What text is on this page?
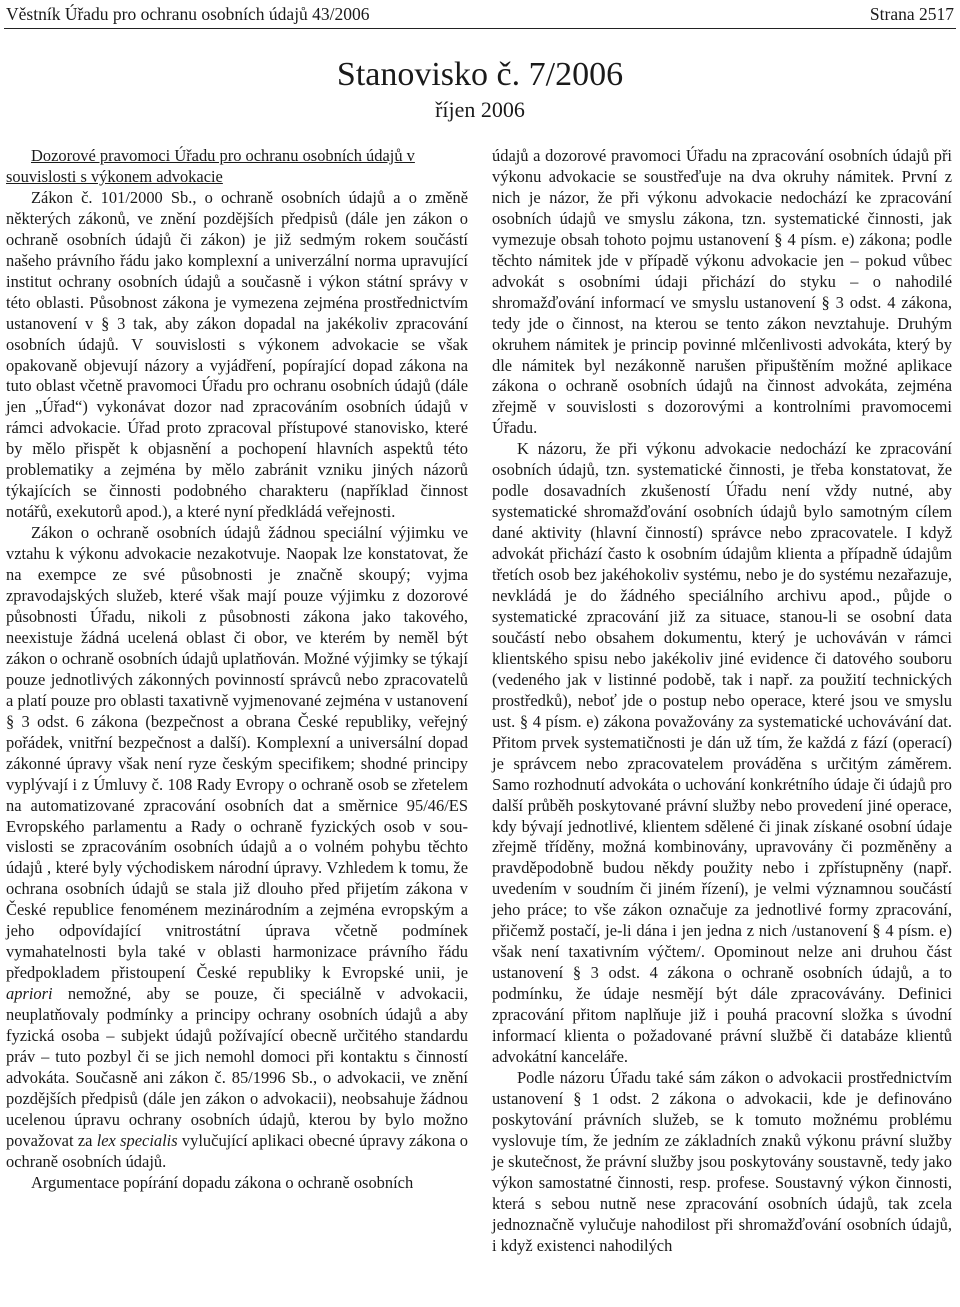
Věstník Úřadu pro ochranu osobních údajů 43/2006	Strana 2517
Stanovisko č. 7/2006
říjen 2006

Dozorové pravomoci Úřadu pro ochranu osobních údajů v souvislosti s výkonem advokacie

Zákon č. 101/2000 Sb., o ochraně osobních údajů a o změně některých zákonů, ve znění pozdějších předpisů (dále jen zákon o ochraně osobních údajů či zákon) je již sedmým rokem součástí našeho právního řádu jako komplexní a univerzální norma upravující institut ochrany osobních údajů a současně i výkon státní správy v této oblasti. Působnost zákona je vymezena zejména prostřednictvím ustanovení v § 3 tak, aby zákon dopadal na jakékoliv zpracování osobních údajů. V souvislosti s výkonem advokacie se však opakovaně objevují názory a vyjádření, popírající dopad zákona na tuto oblast včetně pravomoci Úřadu pro ochranu osobních údajů (dále jen „Úřad“) vykonávat dozor nad zpracováním osobních údajů v rámci advokacie. Úřad proto zpracoval přístupové stanovisko, které by mělo přispět k objasnění a pochopení hlavních aspektů této problematiky a zejména by mělo zabránit vzniku jiných názorů týkajících se činnosti podobného charakteru (například činnost notářů, exekutorů apod.), a které nyní předkládá veřejnosti.

Zákon o ochraně osobních údajů žádnou speciální výjimku ve vztahu k výkonu advokacie nezakotvuje. Naopak lze konstatovat, že na exempce ze své působnosti je značně skoupý; vyjma zpravodajských služeb, které však mají pouze výjimku z dozorové působnosti Úřadu, nikoli z působnosti zákona jako takového, neexistuje žádná ucelená oblast či obor, ve kterém by neměl být zákon o ochraně osobních údajů uplatňován. Možné výjimky se týkají pouze jednotlivých zákonných povinností správců nebo zpracovatelů a platí pouze pro oblasti taxativně vyjmenované zejména v ustanovení § 3 odst. 6 zákona (bezpečnost a obrana České republiky, veřejný pořádek, vnitřní bezpečnost a další). Komplexní a universální dopad zákonné úpravy však není ryze českým specifikem; shodné principy vyplývají i z Úmluvy č. 108 Rady Evropy o ochraně osob se zřetelem na automatizované zpracování osobních dat a směrnice 95/46/ES Evropského parlamentu a Rady o ochraně fyzických osob v souvislosti se zpracováním osobních údajů a o volném pohybu těchto údajů , které byly východiskem národní úpravy. Vzhledem k tomu, že ochrana osobních údajů se stala již dlouho před přijetím zákona v České republice fenoménem mezinárodním a zejména evropským a jeho odpovídající vnitrostátní úprava včetně podmínek vymahatelnosti byla také v oblasti harmonizace právního řádu předpokladem přistoupení České republiky k Evropské unii, je apriori nemožné, aby se pouze, či speciálně v advokacii, neuplatňovaly podmínky a principy ochrany osobních údajů a aby fyzická osoba – subjekt údajů požívající obecně určitého standardu práv – tuto pozbyl či se jich nemohl domoci při kontaktu s činností advokáta. Současně ani zákon č. 85/1996 Sb., o advokacii, ve znění pozdějších předpisů (dále jen zákon o advokacii), neobsahuje žádnou ucelenou úpravu ochrany osobních údajů, kterou by bylo možno považovat za lex specialis vylučující aplikaci obecné úpravy zákona o ochraně osobních údajů.

Argumentace popírání dopadu zákona o ochraně osobních

údajů a dozorové pravomoci Úřadu na zpracování osobních údajů při výkonu advokacie se soustřeďuje na dva okruhy námitek. První z nich je názor, že při výkonu advokacie nedochází ke zpracování osobních údajů ve smyslu zákona, tzn. systematické činnosti, jak vymezuje obsah tohoto pojmu ustanovení § 4 písm. e) zákona; podle těchto námitek jde v případě výkonu advokacie jen – pokud vůbec advokát s osobními údaji přichází do styku – o nahodilé shromažďování informací ve smyslu ustanovení § 3 odst. 4 zákona, tedy jde o činnost, na kterou se tento zákon nevztahuje. Druhým okruhem námitek je princip povinné mlčenlivosti advokáta, který by dle námitek byl nezákonně narušen připuštěním možné aplikace zákona o ochraně osobních údajů na činnost advokáta, zejména zřejmě v souvislosti s dozorovými a kontrolními pravomocemi Úřadu.

K názoru, že při výkonu advokacie nedochází ke zpracování osobních údajů, tzn. systematické činnosti, je třeba konstatovat, že podle dosavadních zkušeností Úřadu není vždy nutné, aby systematické shromažďování osobních údajů bylo samotným cílem dané aktivity (hlavní činností) správce nebo zpracovatele. I když advokát přichází často k osobním údajům klienta a případně údajům třetích osob bez jakéhokoliv systému, nebo je do systému nezařazuje, nevkládá je do žádného speciálního archivu apod., půjde o systematické zpracování již za situace, stanou-li se osobní data součástí nebo obsahem dokumentu, který je uchováván v rámci klientského spisu nebo jakékoliv jiné evidence či datového souboru (vedeného jak v listinné podobě, tak i např. za použití technických prostředků), neboť jde o postup nebo operace, které jsou ve smyslu ust. § 4 písm. e) zákona považovány za systematické uchovávání dat. Přitom prvek systematičnosti je dán už tím, že každá z fází (operací) je správcem nebo zpracovatelem prováděna s určitým záměrem. Samo rozhodnutí advokáta o uchování konkrétního údaje či údajů pro další průběh poskytované právní služby nebo provedení jiné operace, kdy bývají jednotlivé, klientem sdělené či jinak získané osobní údaje zřejmě tříděny, možná kombinovány, upravovány či pozměněny a pravděpodobně budou někdy použity nebo i zpřístupněny (např. uvedením v soudním či jiném řízení), je velmi významnou součástí jeho práce; to vše zákon označuje za jednotlivé formy zpracování, přičemž postačí, je-li dána i jen jedna z nich /ustanovení § 4 písm. e) však není taxativním výčtem/. Opominout nelze ani druhou část ustanovení § 3 odst. 4 zákona o ochraně osobních údajů, a to podmínku, že údaje nesmějí být dále zpracovávány. Definici zpracování přitom naplňuje již i pouhá pracovní složka s úvodní informací klienta o požadované právní službě či databáze klientů advokátní kanceláře.

Podle názoru Úřadu také sám zákon o advokacii prostřednictvím ustanovení § 1 odst. 2 zákona o advokacii, kde je definováno poskytování právních služeb, se k tomuto možnému problému vyslovuje tím, že jedním ze základních znaků výkonu právní služby je skutečnost, že právní služby jsou poskytovány soustavně, tedy jako výkon samostatné činnosti, resp. profese. Soustavný výkon činnosti, která s sebou nutně nese zpracování osobních údajů, tak zcela jednoznačně vylučuje nahodilost při shromažďování osobních údajů, i když existenci nahodilých
